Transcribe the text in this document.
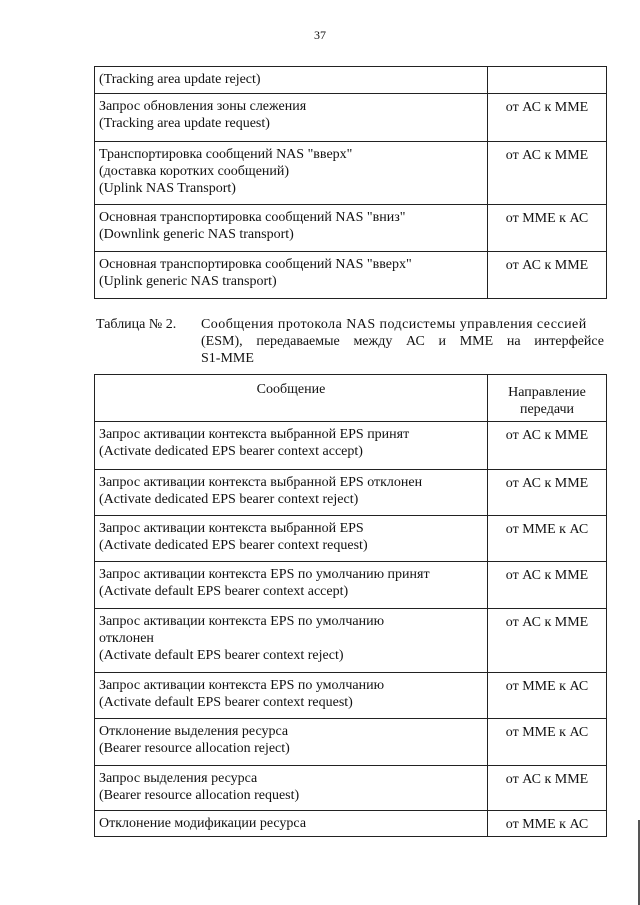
37
(Tracking area update reject)	

Запрос обновления зоны слежения
(Tracking area update request)	от АС к ММЕ

Транспортировка сообщений NAS "вверх"
(доставка коротких сообщений)
(Uplink NAS Transport)	от АС к ММЕ

Основная транспортировка сообщений NAS "вниз"
(Downlink generic NAS transport)	от ММЕ к АС

Основная транспортировка сообщений NAS "вверх"
(Uplink generic NAS transport)	от АС к ММЕ
Таблица № 2. Сообщения протокола NAS подсистемы управления сессией
(ESM), передаваемые между АС и ММЕ на интерфейсе
S1-MME
Сообщение	Направление
передачи

Запрос активации контекста выбранной EPS принят
(Activate dedicated EPS bearer context accept)	от АС к ММЕ

Запрос активации контекста выбранной EPS отклонен
(Activate dedicated EPS bearer context reject)	от АС к ММЕ

Запрос активации контекста выбранной EPS
(Activate dedicated EPS bearer context request)	от ММЕ к АС

Запрос активации контекста EPS по умолчанию принят
(Activate default EPS bearer context accept)	от АС к ММЕ

Запрос активации контекста EPS по умолчанию
отклонен
(Activate default EPS bearer context reject)	от АС к ММЕ

Запрос активации контекста EPS по умолчанию
(Activate default EPS bearer context request)	от ММЕ к АС

Отклонение выделения ресурса
(Bearer resource allocation reject)	от ММЕ к АС

Запрос выделения ресурса
(Bearer resource allocation request)	от АС к ММЕ

Отклонение модификации ресурса	от ММЕ к АС
